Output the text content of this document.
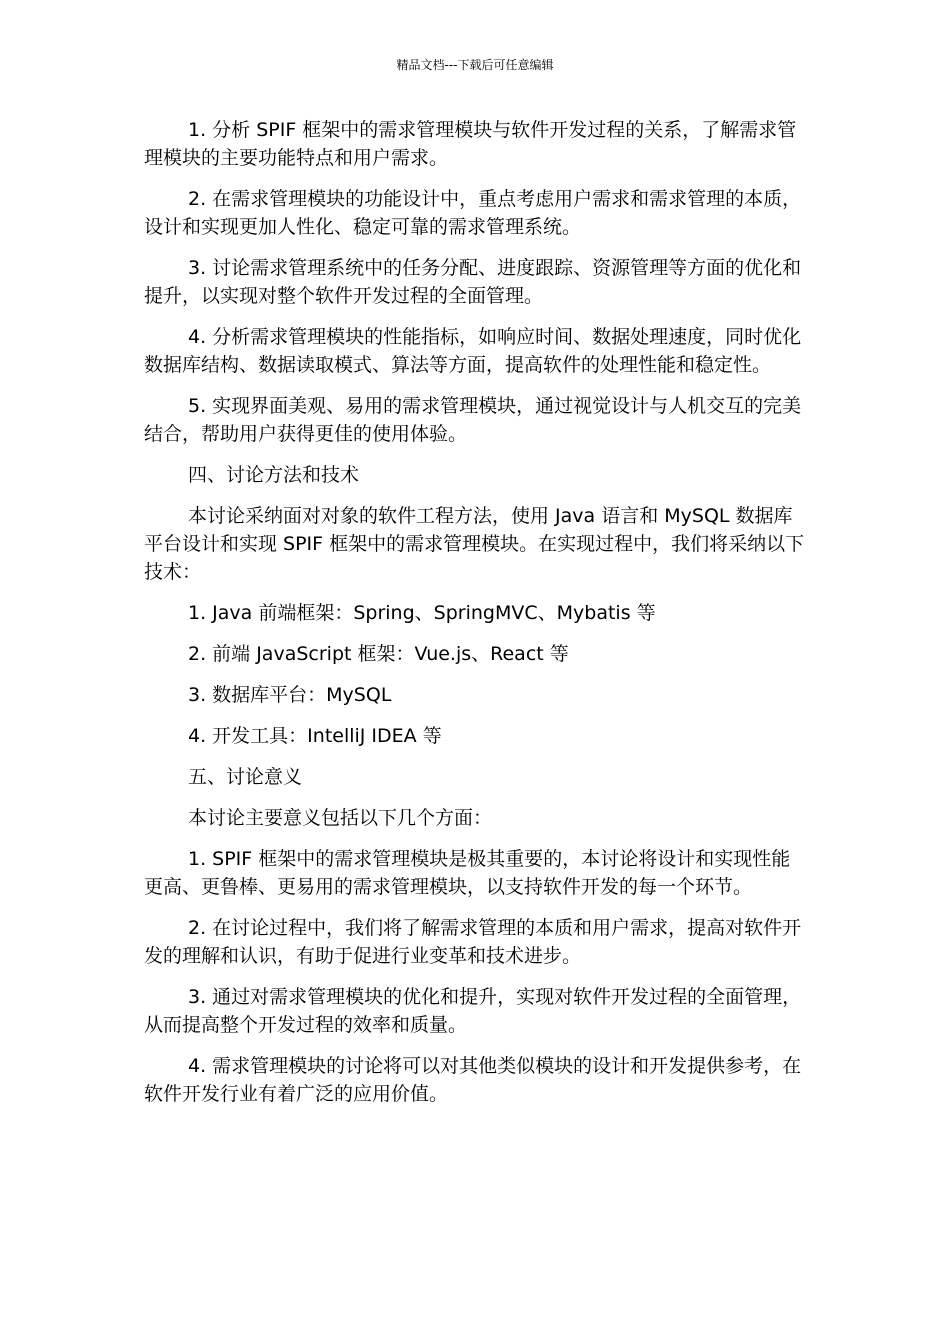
精品文档---下载后可任意编辑

1. 分析 SPIF 框架中的需求管理模块与软件开发过程的关系，了解需求管理模块的主要功能特点和用户需求。

2. 在需求管理模块的功能设计中，重点考虑用户需求和需求管理的本质，设计和实现更加人性化、稳定可靠的需求管理系统。

3. 讨论需求管理系统中的任务分配、进度跟踪、资源管理等方面的优化和提升，以实现对整个软件开发过程的全面管理。

4. 分析需求管理模块的性能指标，如响应时间、数据处理速度，同时优化数据库结构、数据读取模式、算法等方面，提高软件的处理性能和稳定性。

5. 实现界面美观、易用的需求管理模块，通过视觉设计与人机交互的完美结合，帮助用户获得更佳的使用体验。

四、讨论方法和技术

本讨论采纳面对对象的软件工程方法，使用 Java 语言和 MySQL 数据库平台设计和实现 SPIF 框架中的需求管理模块。在实现过程中，我们将采纳以下技术：

1. Java 前端框架：Spring、SpringMVC、Mybatis 等

2. 前端 JavaScript 框架：Vue.js、React 等

3. 数据库平台：MySQL

4. 开发工具：IntelliJ IDEA 等

五、讨论意义

本讨论主要意义包括以下几个方面：

1. SPIF 框架中的需求管理模块是极其重要的，本讨论将设计和实现性能更高、更鲁棒、更易用的需求管理模块，以支持软件开发的每一个环节。

2. 在讨论过程中，我们将了解需求管理的本质和用户需求，提高对软件开发的理解和认识，有助于促进行业变革和技术进步。

3. 通过对需求管理模块的优化和提升，实现对软件开发过程的全面管理，从而提高整个开发过程的效率和质量。

4. 需求管理模块的讨论将可以对其他类似模块的设计和开发提供参考，在软件开发行业有着广泛的应用价值。
